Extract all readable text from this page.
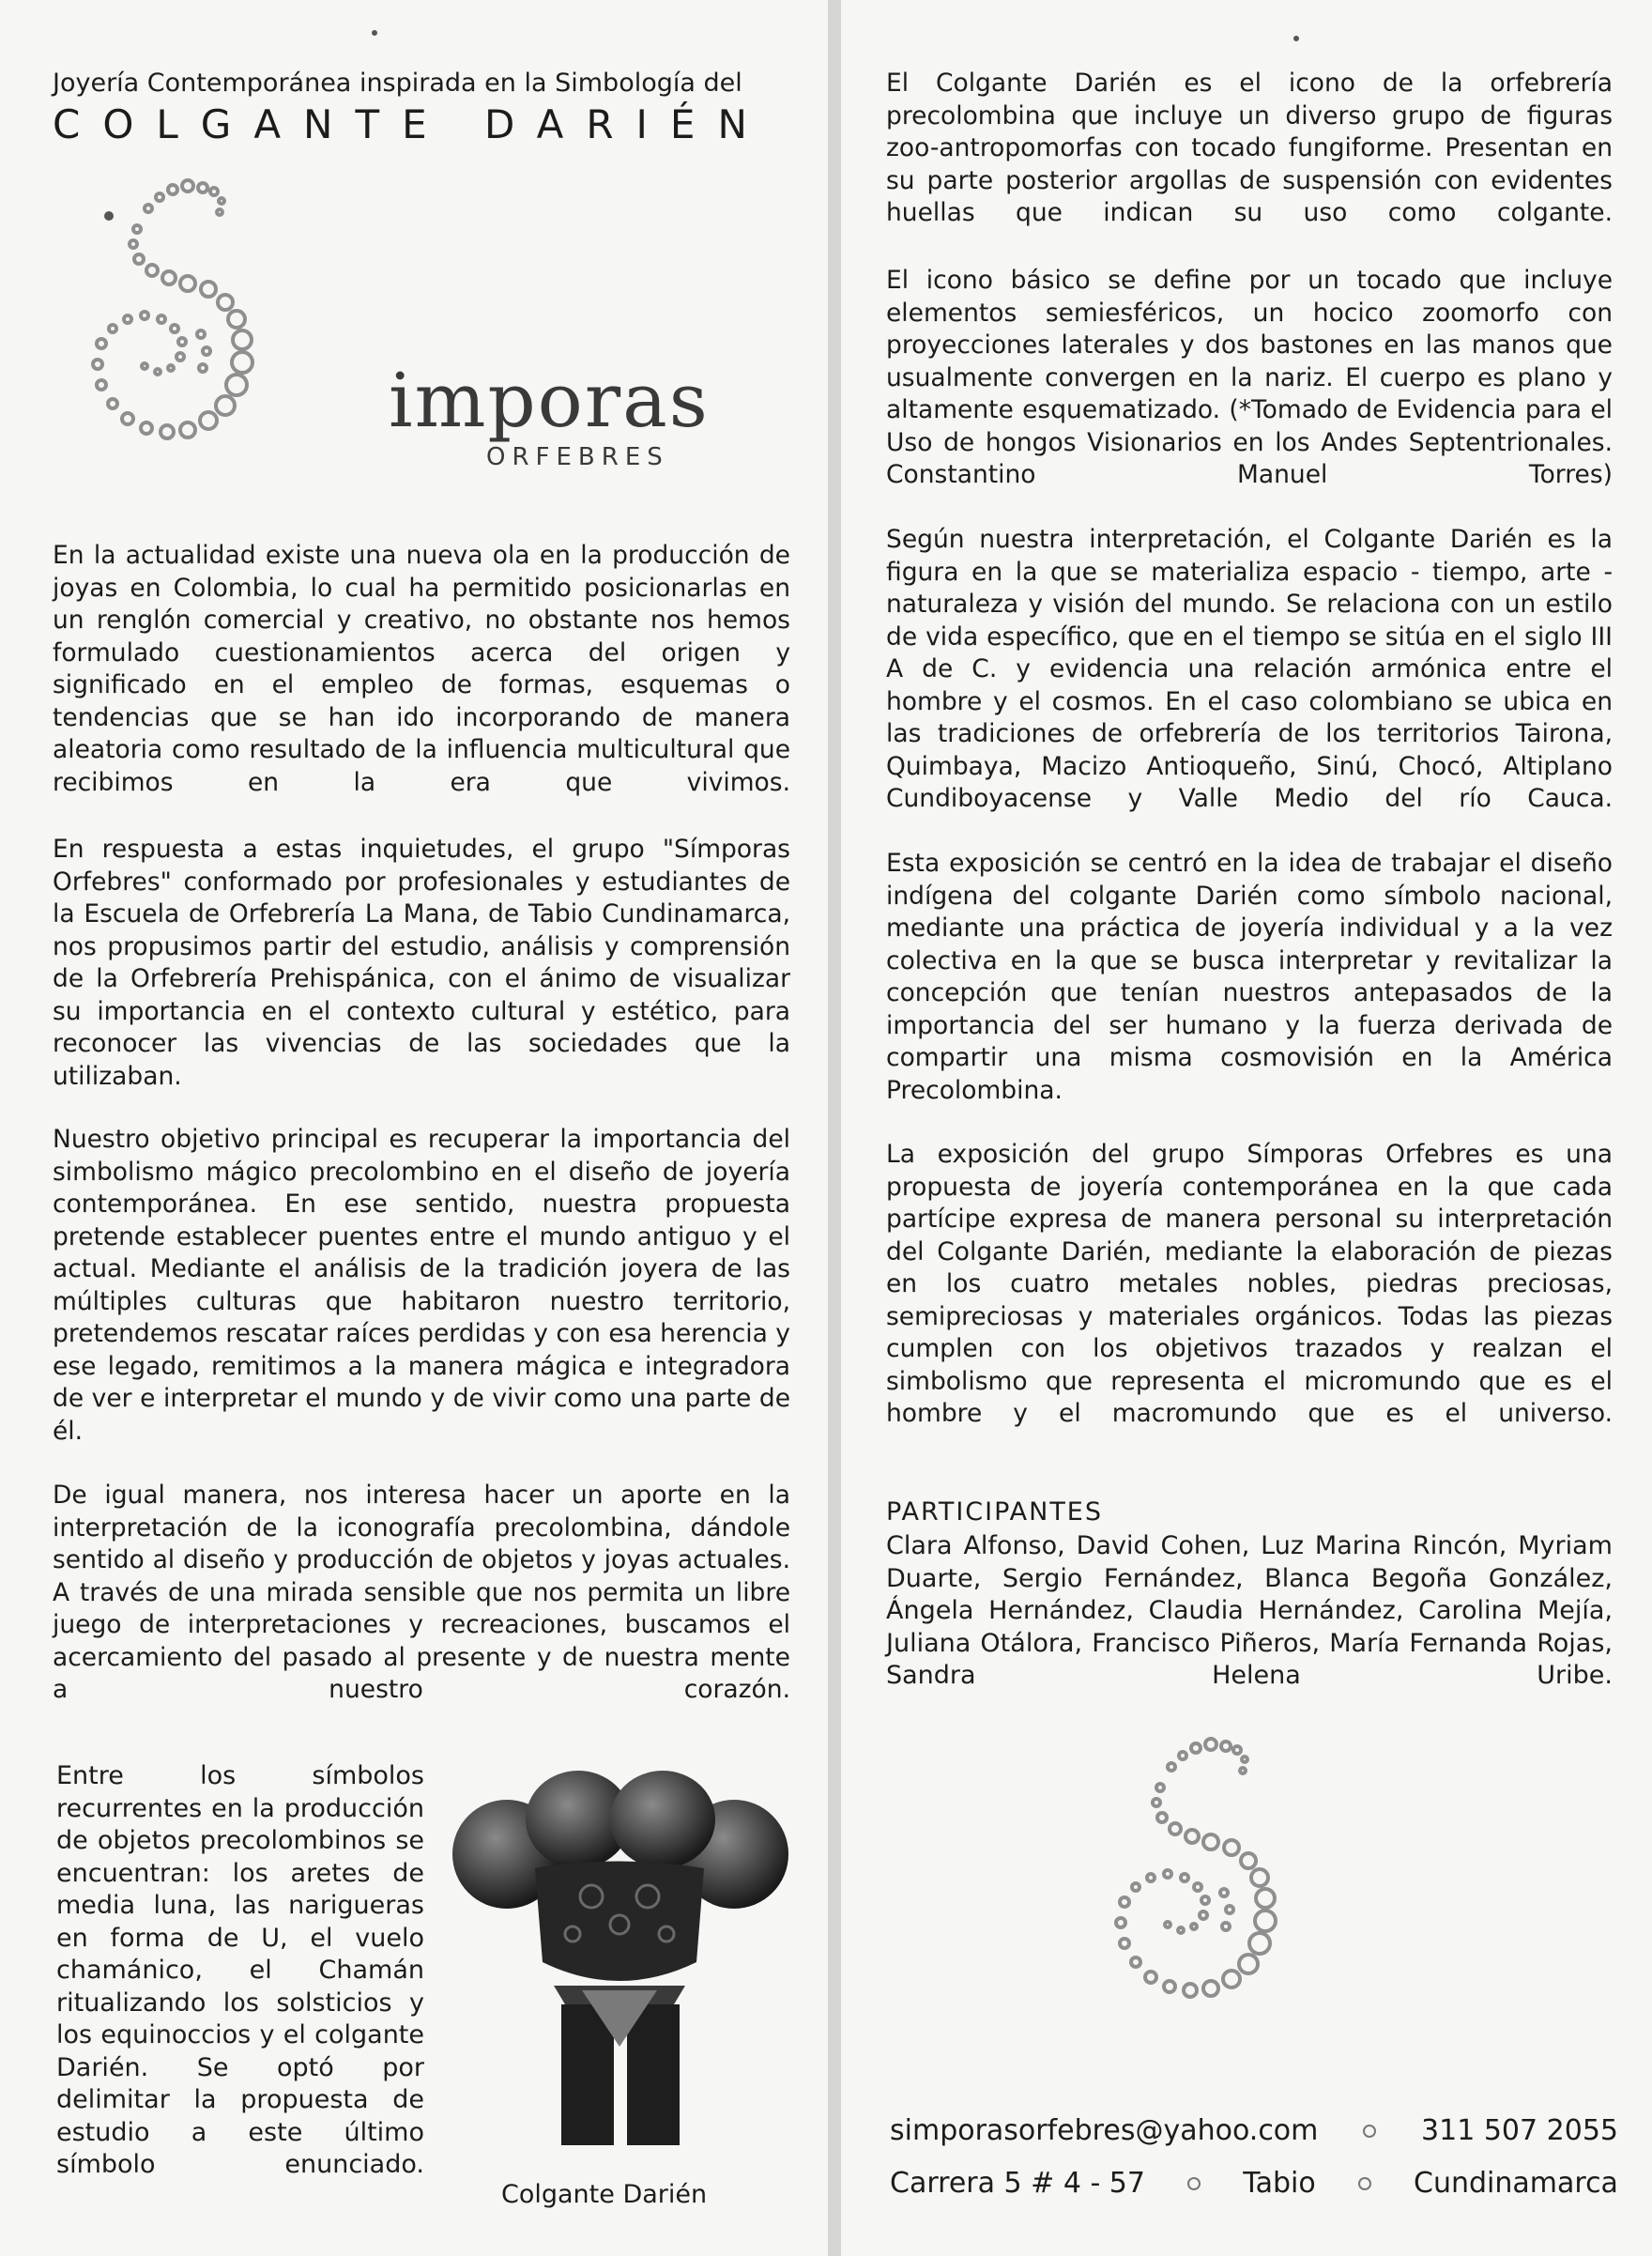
Joyería Contemporánea inspirada en la Simbología del
COLGANTE DARIÉN
imporas
ORFEBRES
En la actualidad existe una nueva ola en la producción de joyas en Colombia, lo cual ha permitido posicionarlas en un renglón comercial y creativo, no obstante nos hemos formulado cuestionamientos acerca del origen y significado en el empleo de formas, esquemas o tendencias que se han ido incorporando de manera aleatoria como resultado de la influencia multicultural que recibimos en la era que vivimos.
En respuesta a estas inquietudes, el grupo "Símporas Orfebres" conformado por profesionales y estudiantes de la Escuela de Orfebrería La Mana, de Tabio Cundinamarca, nos propusimos partir del estudio, análisis y comprensión de la Orfebrería Prehispánica, con el ánimo de visualizar su importancia en el contexto cultural y estético, para reconocer las vivencias de las sociedades que la utilizaban.
Nuestro objetivo principal es recuperar la importancia del simbolismo mágico precolombino en el diseño de joyería contemporánea. En ese sentido, nuestra propuesta pretende establecer puentes entre el mundo antiguo y el actual. Mediante el análisis de la tradición joyera de las múltiples culturas que habitaron nuestro territorio, pretendemos rescatar raíces perdidas y con esa herencia y ese legado, remitimos a la manera mágica e integradora de ver e interpretar el mundo y de vivir como una parte de él.
De igual manera, nos interesa hacer un aporte en la interpretación de la iconografía precolombina, dándole sentido al diseño y producción de objetos y joyas actuales. A través de una mirada sensible que nos permita un libre juego de interpretaciones y recreaciones, buscamos el acercamiento del pasado al presente y de nuestra mente a nuestro corazón.
Entre los símbolos recurrentes en la producción de objetos precolombinos se encuentran: los aretes de media luna, las narigueras en forma de U, el vuelo chamánico, el Chamán ritualizando los solsticios y los equinoccios y el colgante Darién. Se optó por delimitar la propuesta de estudio a este último símbolo enunciado.
Colgante Darién
El Colgante Darién es el icono de la orfebrería precolombina que incluye un diverso grupo de figuras zoo-antropomorfas con tocado fungiforme. Presentan en su parte posterior argollas de suspensión con evidentes huellas que indican su uso como colgante.
El icono básico se define por un tocado que incluye elementos semiesféricos, un hocico zoomorfo con proyecciones laterales y dos bastones en las manos que usualmente convergen en la nariz. El cuerpo es plano y altamente esquematizado. (*Tomado de Evidencia para el Uso de hongos Visionarios en los Andes Septentrionales. Constantino Manuel Torres)
Según nuestra interpretación, el Colgante Darién es la figura en la que se materializa espacio - tiempo, arte - naturaleza y visión del mundo. Se relaciona con un estilo de vida específico, que en el tiempo se sitúa en el siglo III A de C. y evidencia una relación armónica entre el hombre y el cosmos. En el caso colombiano se ubica en las tradiciones de orfebrería de los territorios Tairona, Quimbaya, Macizo Antioqueño, Sinú, Chocó, Altiplano Cundiboyacense y Valle Medio del río Cauca.
Esta exposición se centró en la idea de trabajar el diseño indígena del colgante Darién como símbolo nacional, mediante una práctica de joyería individual y a la vez colectiva en la que se busca interpretar y revitalizar la concepción que tenían nuestros antepasados de la importancia del ser humano y la fuerza derivada de compartir una misma cosmovisión en la América Precolombina.
La exposición del grupo Símporas Orfebres es una propuesta de joyería contemporánea en la que cada partícipe expresa de manera personal su interpretación del Colgante Darién, mediante la elaboración de piezas en los cuatro metales nobles, piedras preciosas, semipreciosas y materiales orgánicos. Todas las piezas cumplen con los objetivos trazados y realzan el simbolismo que representa el micromundo que es el hombre y el macromundo que es el universo.
PARTICIPANTES
Clara Alfonso, David Cohen, Luz Marina Rincón, Myriam Duarte, Sergio Fernández, Blanca Begoña González, Ángela Hernández, Claudia Hernández, Carolina Mejía, Juliana Otálora, Francisco Piñeros, María Fernanda Rojas, Sandra Helena Uribe.
simporasorfebres@yahoo.com	311 507 2055
Carrera 5 # 4 - 57	Tabio	Cundinamarca
